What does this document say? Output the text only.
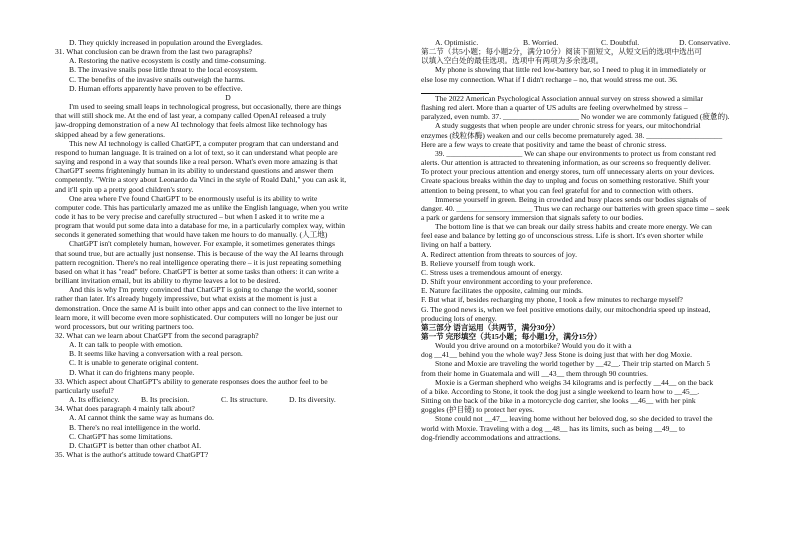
D. They quickly increased in population around the Everglades.
31. What conclusion can be drawn from the last two paragraphs?
A. Restoring the native ecosystem is costly and time-consuming.
B. The invasive snails pose little threat to the local ecosystem.
C. The benefits of the invasive snails outweigh the harms.
D. Human efforts apparently have proven to be effective.
D
I'm used to seeing small leaps in technological progress, but occasionally, there are things
that will still shock me. At the end of last year, a company called OpenAI released a truly
jaw-dropping demonstration of a new AI technology that feels almost like technology has
skipped ahead by a few generations.
This new AI technology is called ChatGPT, a computer program that can understand and
respond to human language. It is trained on a lot of text, so it can understand what people are
saying and respond in a way that sounds like a real person. What's even more amazing is that
ChatGPT seems frighteningly human in its ability to understand questions and answer them
competently. "Write a story about Leonardo da Vinci in the style of Roald Dahl," you can ask it,
and it'll spin up a pretty good children's story.
One area where I've found ChatGPT to be enormously useful is its ability to write
computer code. This has particularly amazed me as unlike the English language, when you write
code it has to be very precise and carefully structured – but when I asked it to write me a
program that would put some data into a database for me, in a particularly complex way, within
seconds it generated something that would have taken me hours to do manually. (人工地)
ChatGPT isn't completely human, however. For example, it sometimes generates things
that sound true, but are actually just nonsense. This is because of the way the AI learns through
pattern recognition. There's no real intelligence operating there – it is just repeating something
based on what it has "read" before. ChatGPT is better at some tasks than others: it can write a
brilliant invitation email, but its ability to rhyme leaves a lot to be desired.
And this is why I'm pretty convinced that ChatGPT is going to change the world, sooner
rather than later. It's already hugely impressive, but what exists at the moment is just a
demonstration. Once the same AI is built into other apps and can connect to the live internet to
learn more, it will become even more sophisticated. Our computers will no longer be just our
word processors, but our writing partners too.
32. What can we learn about ChatGPT from the second paragraph?
A. It can talk to people with emotion.
B. It seems like having a conversation with a real person.
C. It is unable to generate original content.
D. What it can do frightens many people.
33. Which aspect about ChatGPT's ability to generate responses does the author feel to be
particularly useful?
A. Its efficiency.	B. Its precision.	C. Its structure.	D. Its diversity.
34. What does paragraph 4 mainly talk about?
A. AI cannot think the same way as humans do.
B. There's no real intelligence in the world.
C. ChatGPT has some limitations.
D. ChatGPT is better than other chatbot AI.
35. What is the author's attitude toward ChatGPT?
A. Optimistic.	B. Worried.	C. Doubtful.	D. Conservative.
第二节（共5小题；每小题2分，满分10分）阅读下面短文，从短文后的选项中选出可
以填入空白处的最佳选项。选项中有两项为多余选项。
My phone is showing that little red low-battery bar, so I need to plug it in immediately or
else lose my connection. What if I didn't recharge – no, that would stress me out. 36.

The 2022 American Psychological Association annual survey on stress showed a similar
flashing red alert. More than a quarter of US adults are feeling overwhelmed by stress –
paralyzed, even numb. 37. ____________________ No wonder we are commonly fatigued (疲惫的).
A study suggests that when people are under chronic stress for years, our mitochondrial
enzymes (线粒体酶) weaken and our cells become prematurely aged. 38. ____________________
Here are a few ways to create that positivity and tame the beast of chronic stress.
39. ____________________ We can shape our environments to protect us from constant red
alerts. Our attention is attracted to threatening information, as our screens so frequently deliver.
To protect your precious attention and energy stores, turn off unnecessary alerts on your devices.
Create spacious breaks within the day to unplug and focus on something restorative. Shift your
attention to being present, to what you can feel grateful for and to connection with others.
Immerse yourself in green. Being in crowded and busy places sends our bodies signals of
danger. 40. ____________________ Thus we can recharge our batteries with green space time – seek
a park or gardens for sensory immersion that signals safety to our bodies.
The bottom line is that we can break our daily stress habits and create more energy. We can
feel ease and balance by letting go of unconscious stress. Life is short. It's even shorter while
living on half a battery.
A. Redirect attention from threats to sources of joy.
B. Relieve yourself from tough work.
C. Stress uses a tremendous amount of energy.
D. Shift your environment according to your preference.
E. Nature facilitates the opposite, calming our minds.
F. But what if, besides recharging my phone, I took a few minutes to recharge myself?
G. The good news is, when we feel positive emotions daily, our mitochondria speed up instead,
producing lots of energy.
第三部分 语言运用（共两节，满分30分）
第一节 完形填空（共15小题；每小题1分，满分15分）
Would you drive around on a motorbike? Would you do it with a
dog __41__ behind you the whole way? Jess Stone is doing just that with her dog Moxie.
Stone and Moxie are traveling the world together by __42__. Their trip started on March 5
from their home in Guatemala and will __43__ them through 90 countries.
Moxie is a German shepherd who weighs 34 kilograms and is perfectly __44__ on the back
of a bike. According to Stone, it took the dog just a single weekend to learn how to __45__.
Sitting on the back of the bike in a motorcycle dog carrier, she looks __46__ with her pink
goggles (护目镜) to protect her eyes.
Stone could not __47__ leaving home without her beloved dog, so she decided to travel the
world with Moxie. Traveling with a dog __48__ has its limits, such as being __49__ to
dog-friendly accommodations and attractions.
